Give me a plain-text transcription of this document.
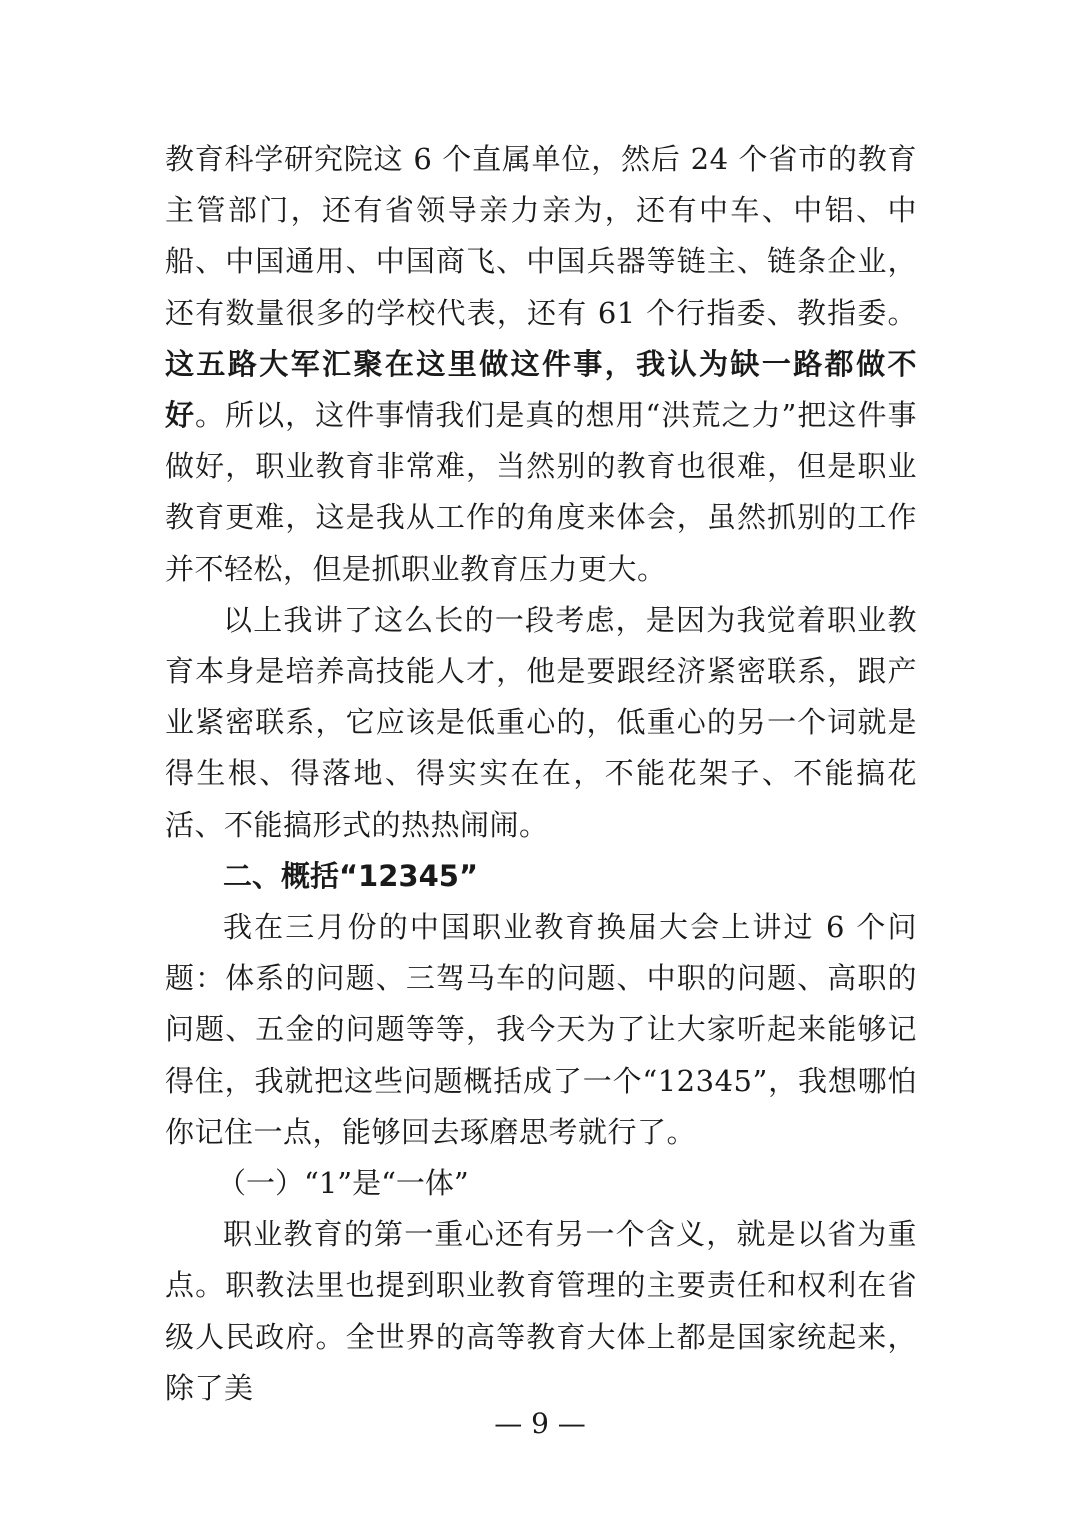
教育科学研究院这 6 个直属单位，然后 24 个省市的教育主管部门，还有省领导亲力亲为，还有中车、中铝、中船、中国通用、中国商飞、中国兵器等链主、链条企业，还有数量很多的学校代表，还有 61 个行指委、教指委。这五路大军汇聚在这里做这件事，我认为缺一路都做不好。所以，这件事情我们是真的想用“洪荒之力”把这件事做好，职业教育非常难，当然别的教育也很难，但是职业教育更难，这是我从工作的角度来体会，虽然抓别的工作并不轻松，但是抓职业教育压力更大。

以上我讲了这么长的一段考虑，是因为我觉着职业教育本身是培养高技能人才，他是要跟经济紧密联系，跟产业紧密联系，它应该是低重心的，低重心的另一个词就是得生根、得落地、得实实在在，不能花架子、不能搞花活、不能搞形式的热热闹闹。

二、概括“12345”

我在三月份的中国职业教育换届大会上讲过 6 个问题：体系的问题、三驾马车的问题、中职的问题、高职的问题、五金的问题等等，我今天为了让大家听起来能够记得住，我就把这些问题概括成了一个“12345”，我想哪怕你记住一点，能够回去琢磨思考就行了。

（一）“1”是“一体”

职业教育的第一重心还有另一个含义，就是以省为重点。职教法里也提到职业教育管理的主要责任和权利在省级人民政府。全世界的高等教育大体上都是国家统起来，除了美

— 9 —
